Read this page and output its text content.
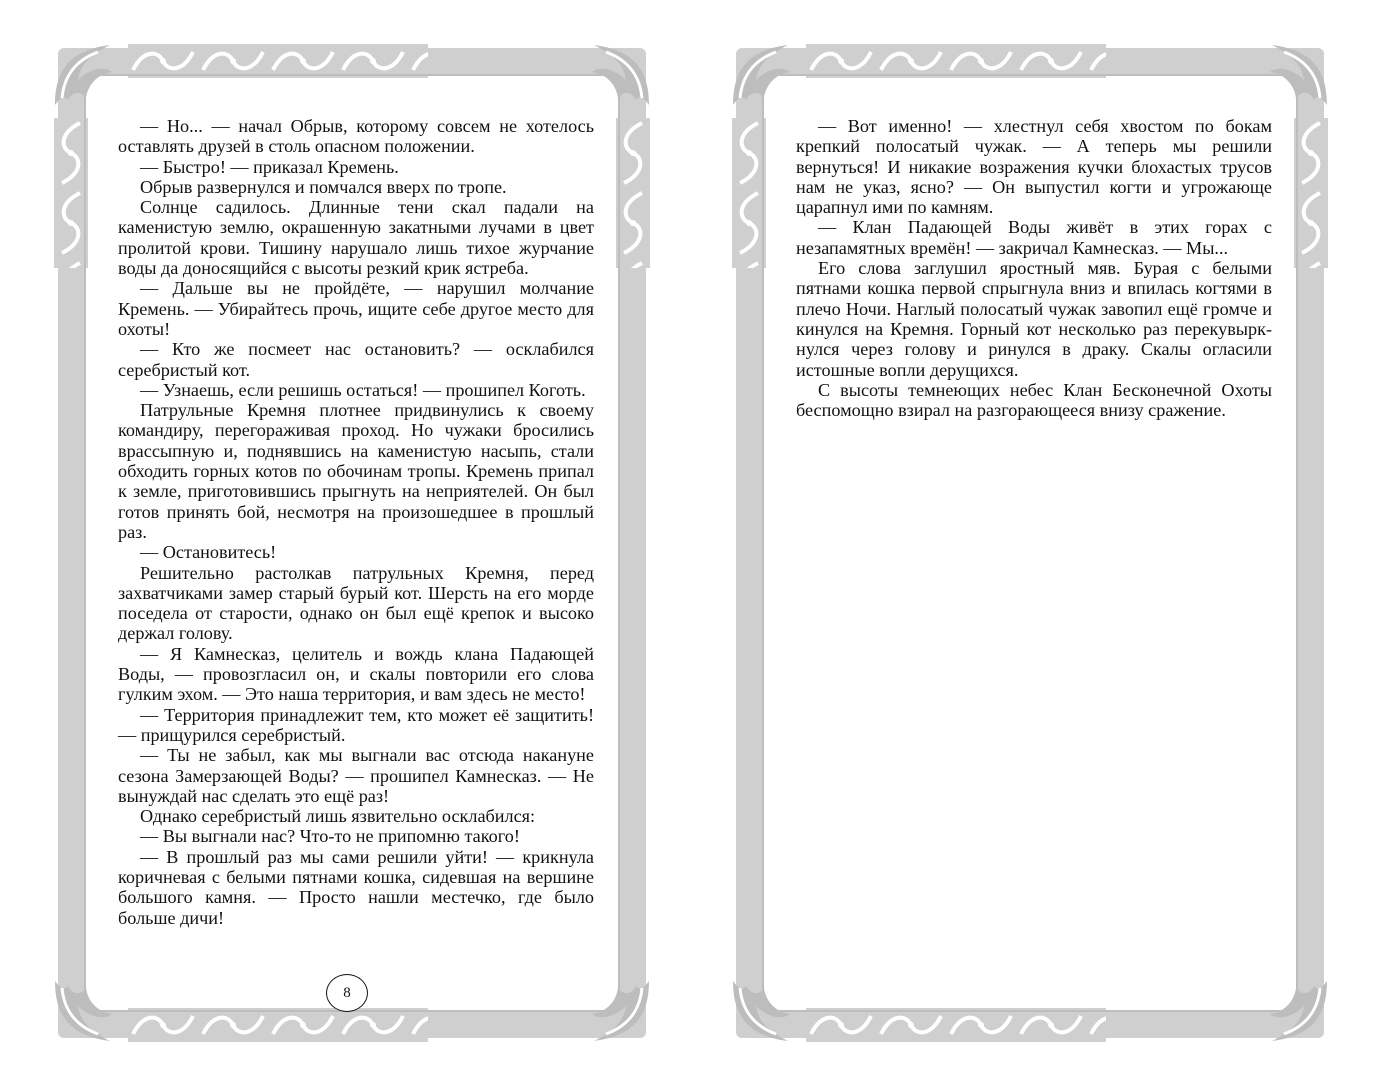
— Но... — начал Обрыв, которому совсем не хотелось оставлять друзей в столь опасном положении.

— Быстро! — приказал Кремень.

Обрыв развернулся и помчался вверх по тропе.

Солнце садилось. Длинные тени скал падали на каменистую землю, окрашенную закатными лучами в цвет пролитой крови. Тишину нарушало лишь тихое журчание воды да доносящийся с высоты резкий крик ястреба.

— Дальше вы не пройдёте, — нарушил молчание Кремень. — Убирайтесь прочь, ищите себе другое место для охоты!

— Кто же посмеет нас остановить? — осклабился серебристый кот.

— Узнаешь, если решишь остаться! — прошипел Коготь.

Патрульные Кремня плотнее придвинулись к своему командиру, перегораживая проход. Но чужаки бросились врассыпную и, поднявшись на каменистую насыпь, стали обходить горных котов по обочинам тропы. Кремень припал к земле, приготовившись прыгнуть на неприятелей. Он был готов принять бой, несмотря на произошедшее в прошлый раз.

— Остановитесь!

Решительно растолкав патрульных Кремня, перед захватчиками замер старый бурый кот. Шерсть на его морде поседела от старости, однако он был ещё крепок и высоко держал голову.

— Я Камнесказ, целитель и вождь клана Падающей Воды, — провозгласил он, и скалы повторили его слова гулким эхом. — Это наша территория, и вам здесь не место!

— Территория принадлежит тем, кто может её защитить! — прищурился серебристый.

— Ты не забыл, как мы выгнали вас отсюда накануне сезона Замерзающей Воды? — прошипел Камнесказ. — Не вынуждай нас сделать это ещё раз!

Однако серебристый лишь язвительно осклабился:

— Вы выгнали нас? Что-то не припомню такого!

— В прошлый раз мы сами решили уйти! — крикнула коричневая с белыми пятнами кошка, сидевшая на вершине большого камня. — Просто нашли местечко, где было больше дичи!

8

— Вот именно! — хлестнул себя хвостом по бокам крепкий полосатый чужак. — А теперь мы решили вернуться! И никакие возражения кучки блохастых трусов нам не указ, ясно? — Он выпустил когти и угрожающе царапнул ими по камням.

— Клан Падающей Воды живёт в этих горах с незапамятных времён! — закричал Камнесказ. — Мы...

Его слова заглушил яростный мяв. Бурая с белыми пятнами кошка первой спрыгнула вниз и впилась когтями в плечо Ночи. Наглый полосатый чужак завопил ещё громче и кинулся на Кремня. Горный кот несколько раз перекувыркнулся через голову и ринулся в драку. Скалы огласили истошные вопли дерущихся.

С высоты темнеющих небес Клан Бесконечной Охоты беспомощно взирал на разгорающееся внизу сражение.
